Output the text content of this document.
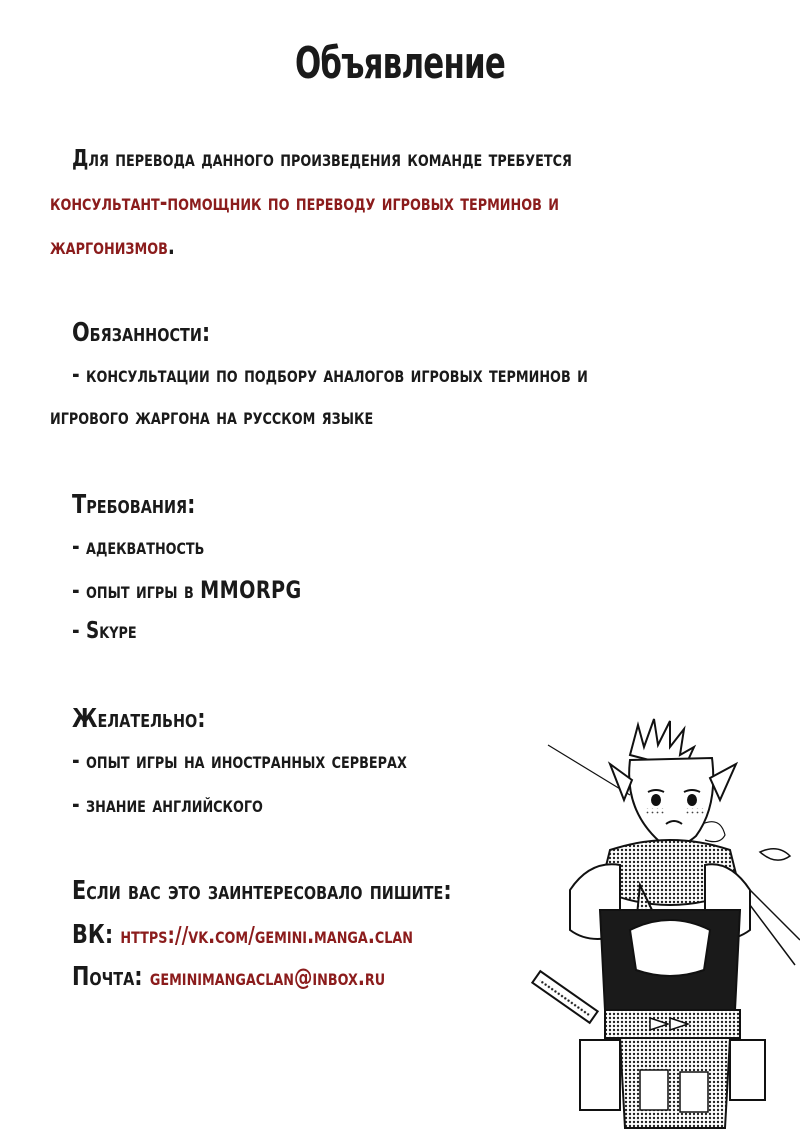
Объявление
Для перевода данного произведения команде требуется
консультант-помощник по переводу игровых терминов и
жаргонизмов.
Обязанности:
- консультации по подбору аналогов игровых терминов и
игрового жаргона на русском языке
Требования:
- адекватность
- опыт игры в MMORPG
- Skype
Желательно:
- опыт игры на иностранных серверах
- знание английского
Если вас это заинтересовало пишите:
ВК: https://vk.com/gemini.manga.clan
Почта: geminimangaclan@inbox.ru
